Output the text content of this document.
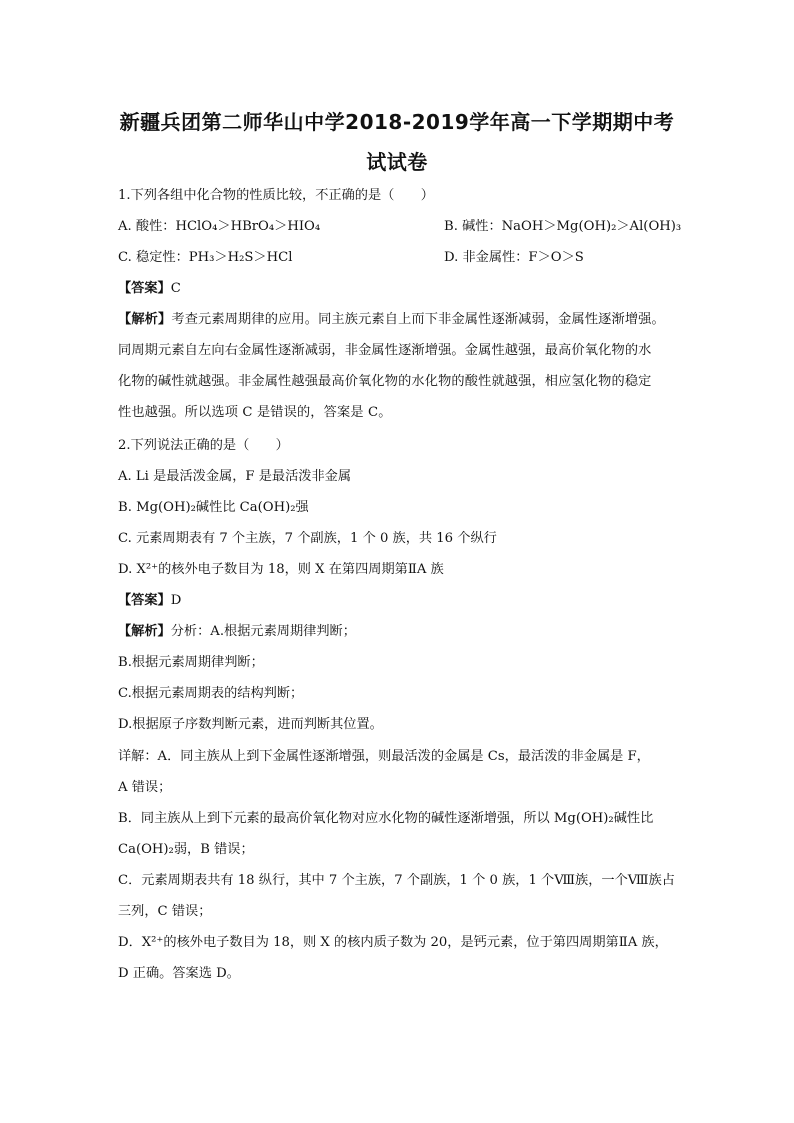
新疆兵团第二师华山中学2018-2019学年高一下学期期中考
试试卷

1.下列各组中化合物的性质比较，不正确的是（　　）

A. 酸性：HClO₄＞HBrO₄＞HIO₄	B. 碱性：NaOH＞Mg(OH)₂＞Al(OH)₃

C. 稳定性：PH₃＞H₂S＞HCl	D. 非金属性：F＞O＞S

【答案】C

【解析】考查元素周期律的应用。同主族元素自上而下非金属性逐渐减弱，金属性逐渐增强。

同周期元素自左向右金属性逐渐减弱，非金属性逐渐增强。金属性越强，最高价氧化物的水

化物的碱性就越强。非金属性越强最高价氧化物的水化物的酸性就越强，相应氢化物的稳定

性也越强。所以选项 C 是错误的，答案是 C。

2.下列说法正确的是（　　）

A. Li 是最活泼金属，F 是最活泼非金属

B. Mg(OH)₂碱性比 Ca(OH)₂强

C. 元素周期表有 7 个主族，7 个副族，1 个 0 族，共 16 个纵行

D. X²⁺的核外电子数目为 18，则 X 在第四周期第ⅡA 族

【答案】D

【解析】分析：A.根据元素周期律判断；

B.根据元素周期律判断；

C.根据元素周期表的结构判断；

D.根据原子序数判断元素，进而判断其位置。

详解：A．同主族从上到下金属性逐渐增强，则最活泼的金属是 Cs，最活泼的非金属是 F，

A 错误；

B．同主族从上到下元素的最高价氧化物对应水化物的碱性逐渐增强，所以 Mg(OH)₂碱性比

Ca(OH)₂弱，B 错误；

C．元素周期表共有 18 纵行，其中 7 个主族，7 个副族，1 个 0 族，1 个Ⅷ族，一个Ⅷ族占

三列，C 错误；

D．X²⁺的核外电子数目为 18，则 X 的核内质子数为 20，是钙元素，位于第四周期第ⅡA 族，

D 正确。答案选 D。
